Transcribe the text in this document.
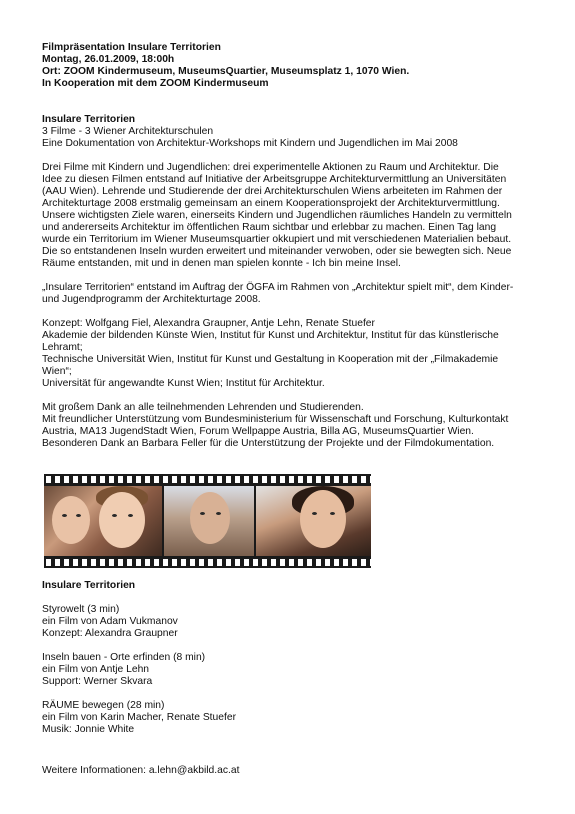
Filmpräsentation Insulare Territorien
Montag, 26.01.2009, 18:00h
Ort: ZOOM Kindermuseum, MuseumsQuartier, Museumsplatz 1, 1070 Wien.
In Kooperation mit dem ZOOM Kindermuseum
Insulare Territorien
3 Filme - 3 Wiener Architekturschulen
Eine Dokumentation von Architektur-Workshops mit Kindern und Jugendlichen im Mai 2008
Drei Filme mit Kindern und Jugendlichen: drei experimentelle Aktionen zu Raum und Architektur. Die
Idee zu diesen Filmen entstand auf Initiative der Arbeitsgruppe Architekturvermittlung an Universitäten
(AAU Wien). Lehrende und Studierende der drei Architekturschulen Wiens arbeiteten im Rahmen der
Architekturtage 2008 erstmalig gemeinsam an einem Kooperationsprojekt der Architekturvermittlung.
Unsere wichtigsten Ziele waren, einerseits Kindern und Jugendlichen räumliches Handeln zu vermitteln
und andererseits Architektur im öffentlichen Raum sichtbar und erlebbar zu machen. Einen Tag lang
wurde ein Territorium im Wiener Museumsquartier okkupiert und mit verschiedenen Materialien bebaut.
Die so entstandenen Inseln wurden erweitert und miteinander verwoben, oder sie bewegten sich. Neue
Räume entstanden, mit und in denen man spielen konnte - Ich bin meine Insel.
„Insulare Territorien“ entstand im Auftrag der ÖGFA im Rahmen von „Architektur spielt mit“, dem Kinder-
und Jugendprogramm der Architekturtage 2008.
Konzept: Wolfgang Fiel, Alexandra Graupner, Antje Lehn, Renate Stuefer
Akademie der bildenden Künste Wien, Institut für Kunst und Architektur, Institut für das künstlerische
Lehramt;
Technische Universität Wien, Institut für Kunst und Gestaltung in Kooperation mit der „Filmakademie
Wien“;
Universität für angewandte Kunst Wien; Institut für Architektur.
Mit großem Dank an alle teilnehmenden Lehrenden und Studierenden.
Mit freundlicher Unterstützung vom Bundesministerium für Wissenschaft und Forschung, Kulturkontakt
Austria, MA13 JugendStadt Wien, Forum Wellpappe Austria, Billa AG, MuseumsQuartier Wien.
Besonderen Dank an Barbara Feller für die Unterstützung der Projekte und der Filmdokumentation.
Insulare Territorien
Styrowelt (3 min)
ein Film von Adam Vukmanov
Konzept: Alexandra Graupner
Inseln bauen - Orte erfinden (8 min)
ein Film von Antje Lehn
Support: Werner Skvara
RÄUME bewegen (28 min)
ein Film von Karin Macher, Renate Stuefer
Musik: Jonnie White
Weitere Informationen: a.lehn@akbild.ac.at
